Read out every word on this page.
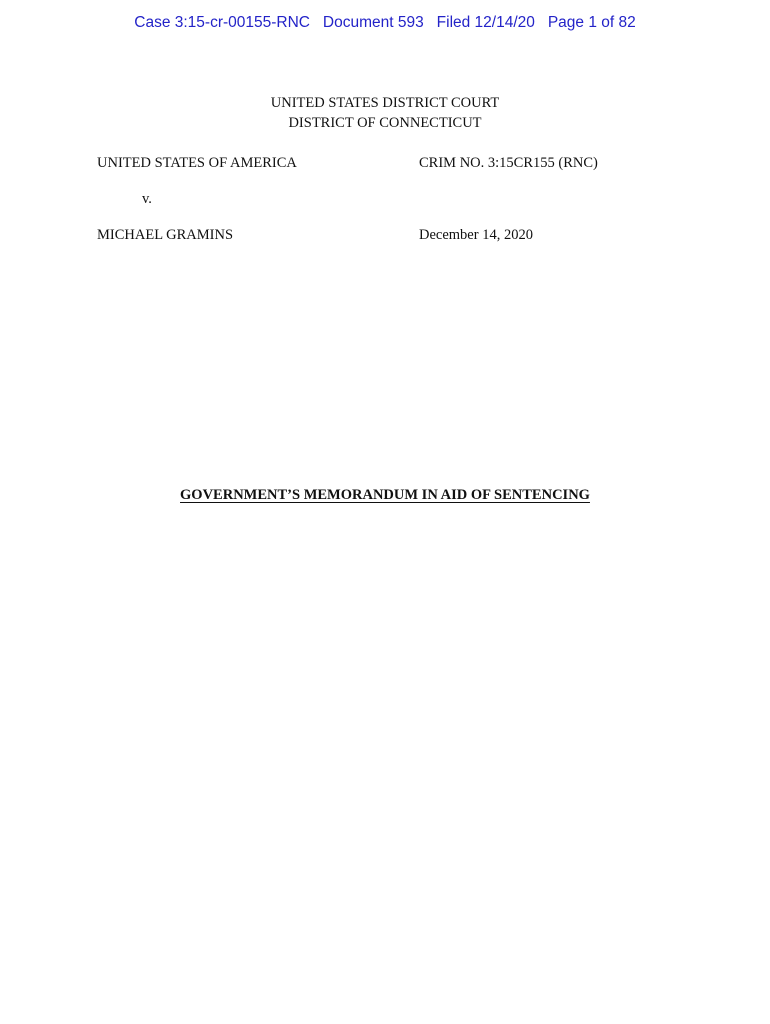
Case 3:15-cr-00155-RNC Document 593 Filed 12/14/20 Page 1 of 82
UNITED STATES DISTRICT COURT
DISTRICT OF CONNECTICUT
UNITED STATES OF AMERICA	CRIM NO. 3:15CR155 (RNC)
v.
MICHAEL GRAMINS	December 14, 2020
GOVERNMENT’S MEMORANDUM IN AID OF SENTENCING
